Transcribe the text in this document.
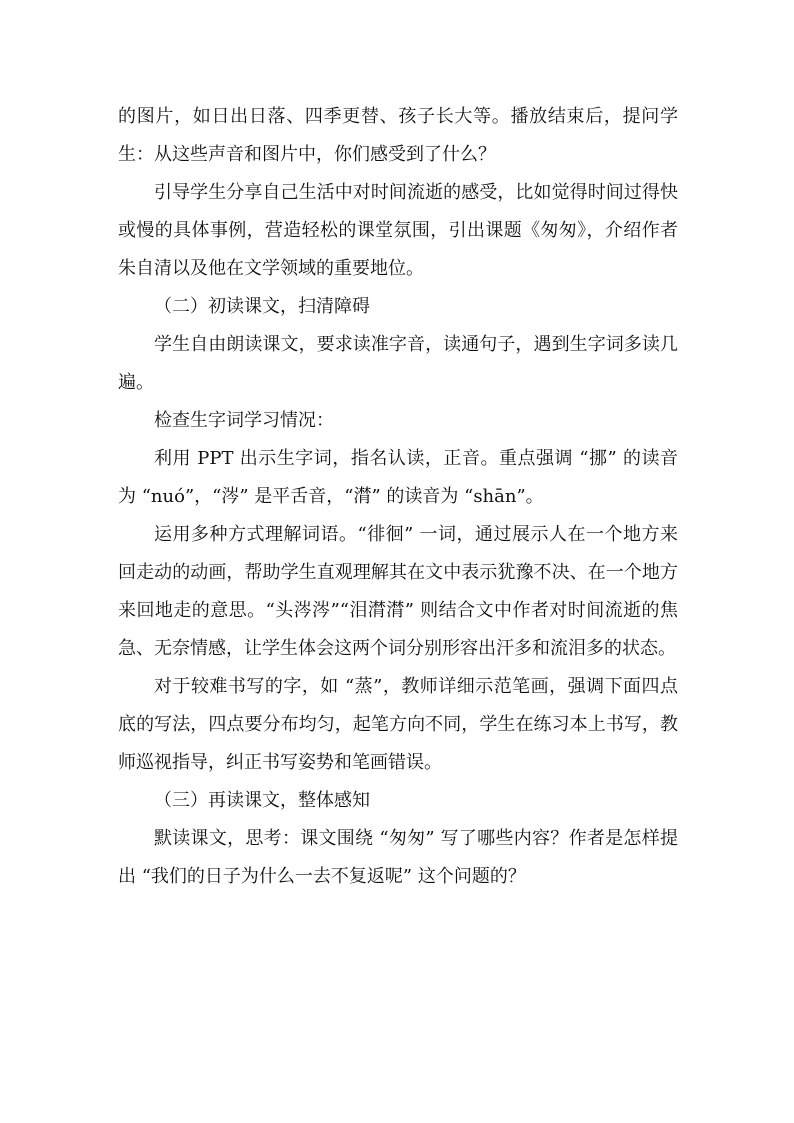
的图片，如日出日落、四季更替、孩子长大等。播放结束后，提问学生：从这些声音和图片中，你们感受到了什么？

引导学生分享自己生活中对时间流逝的感受，比如觉得时间过得快或慢的具体事例，营造轻松的课堂氛围，引出课题《匆匆》，介绍作者朱自清以及他在文学领域的重要地位。

（二）初读课文，扫清障碍

学生自由朗读课文，要求读准字音，读通句子，遇到生字词多读几遍。

检查生字词学习情况：

利用 PPT 出示生字词，指名认读，正音。重点强调 “挪” 的读音为 “nuó”，“涔” 是平舌音，“潸” 的读音为 “shān”。

运用多种方式理解词语。“徘徊” 一词，通过展示人在一个地方来回走动的动画，帮助学生直观理解其在文中表示犹豫不决、在一个地方来回地走的意思。“头涔涔”“泪潸潸” 则结合文中作者对时间流逝的焦急、无奈情感，让学生体会这两个词分别形容出汗多和流泪多的状态。

对于较难书写的字，如 “蒸”，教师详细示范笔画，强调下面四点底的写法，四点要分布均匀，起笔方向不同，学生在练习本上书写，教师巡视指导，纠正书写姿势和笔画错误。

（三）再读课文，整体感知

默读课文，思考：课文围绕 “匆匆” 写了哪些内容？作者是怎样提出 “我们的日子为什么一去不复返呢” 这个问题的？
